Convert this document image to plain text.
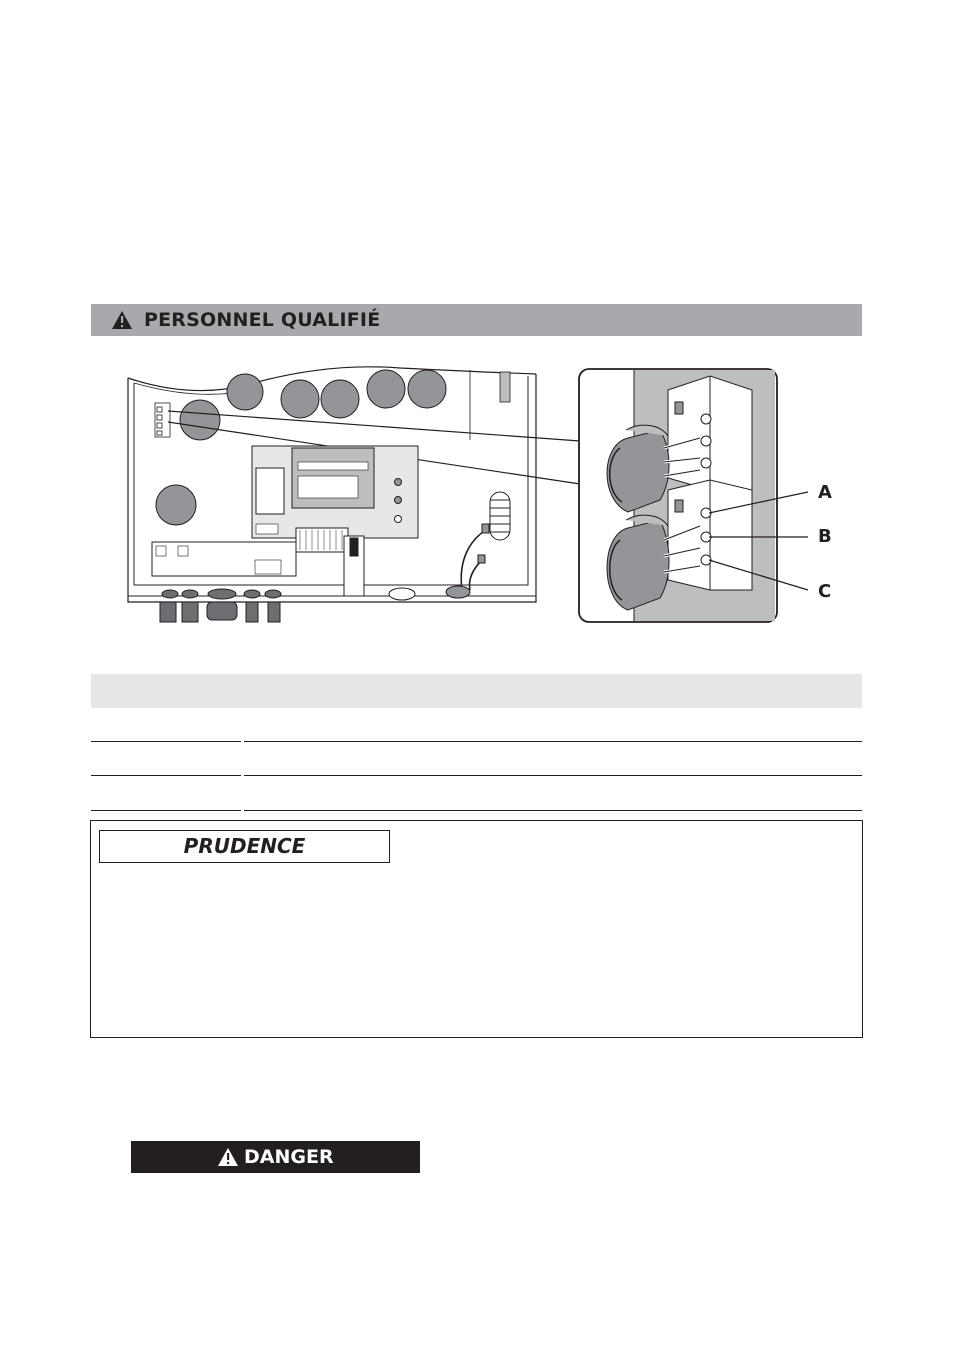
PERSONNEL QUALIFIÉ
A
B
C
PRUDENCE
DANGER
